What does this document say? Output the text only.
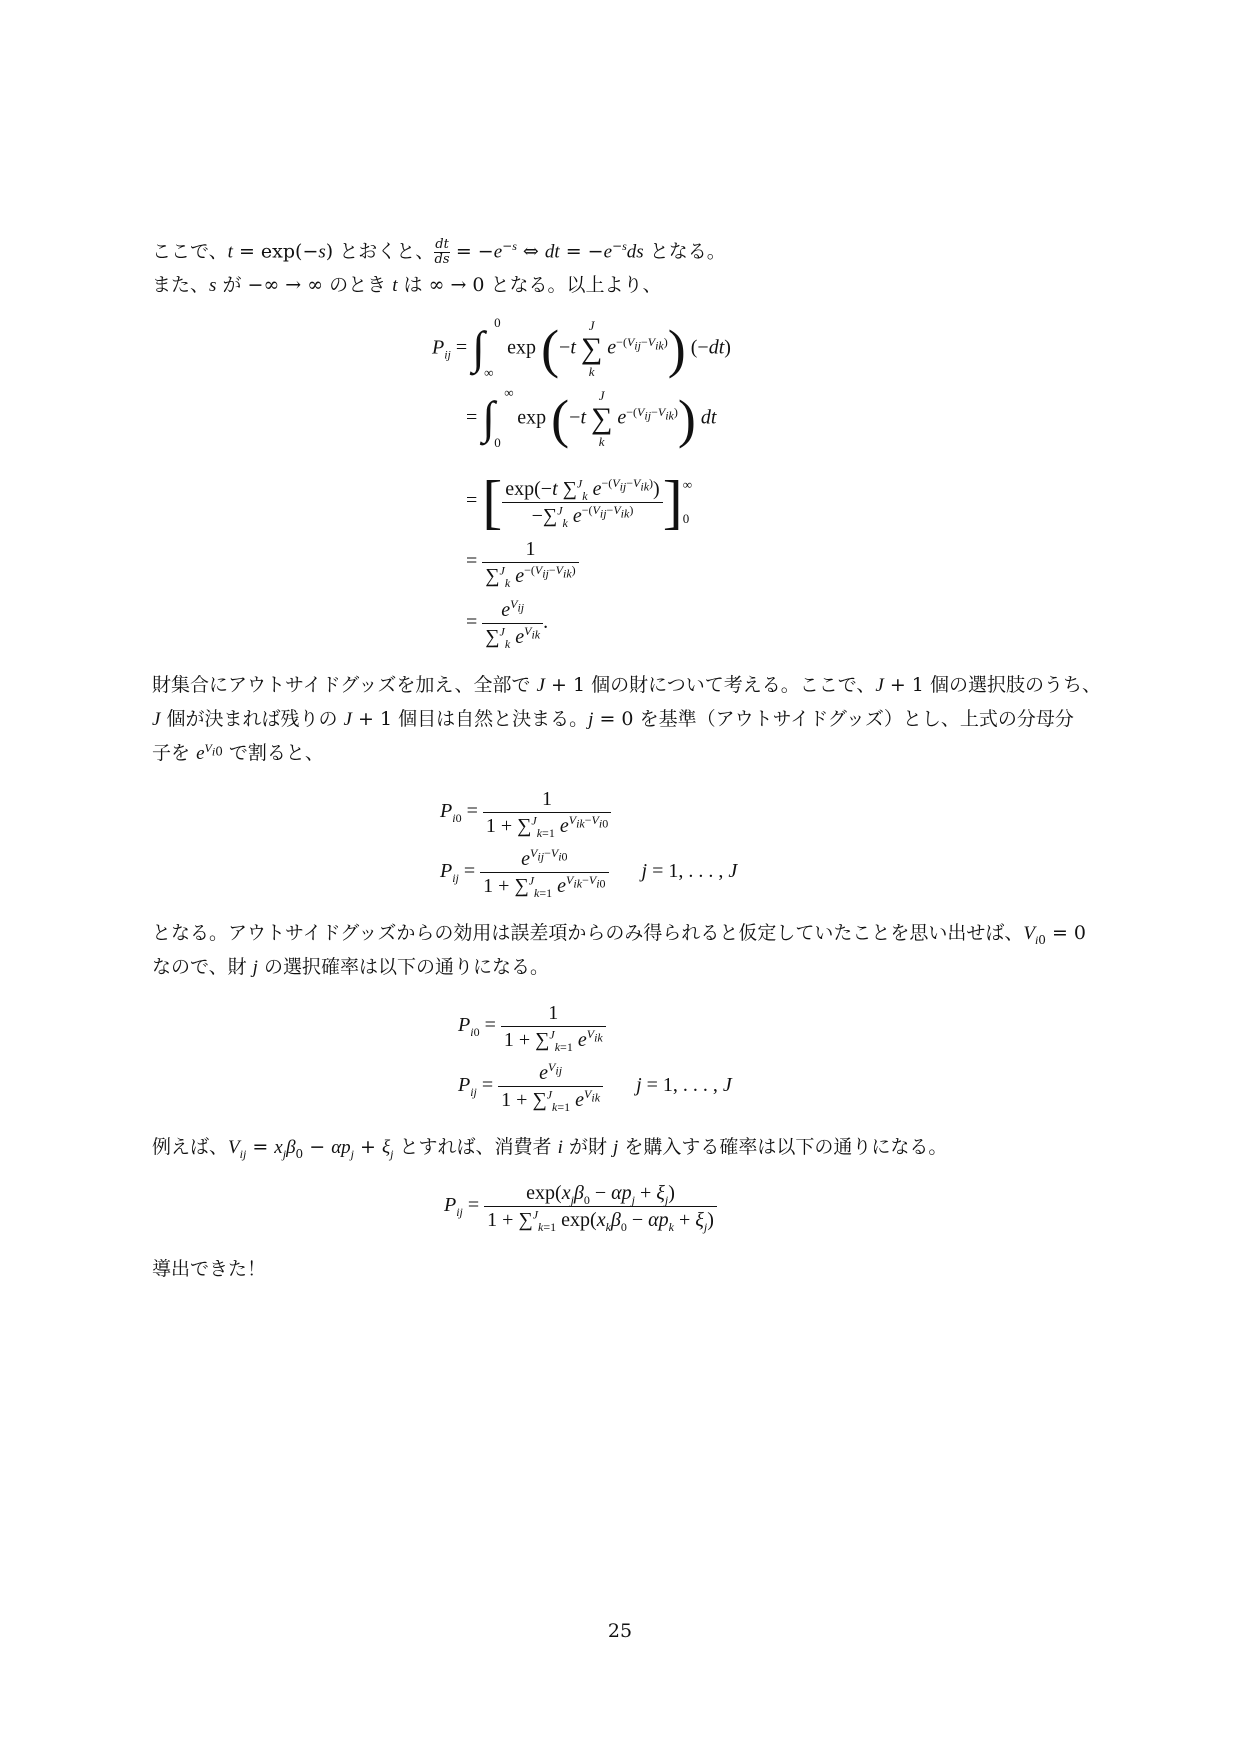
ここで、t = exp(−s) とおくと、 $\frac{dt}{ds} = -e^{-s}$ ⇔ dt = $-e^{-s}ds$ となる。
また、s が −∞ → ∞ のとき t は ∞ → 0 となる。以上より、
$P_{ij}$ = ∫ 0
∞
exp (−t
J
∑
k
$e^{-(V_{ij}-V_{ik})}$) (−dt)
= ∫ ∞
0
exp (−t
J
∑
k
$e^{-(V_{ij}-V_{ik})}$) dt
= [ $\frac{\exp(-t \sum^J_k e^{-(V_{ij}-V_{ik})})}{-\sum^J_k e^{-(V_{ij}-V_{ik})}}$ ] ∞
0
= $\frac{1}{\sum^J_k e^{-(V_{ij}-V_{ik})}}$
= $\frac{e^{V_{ij}}}{\sum^J_k e^{V_{ik}}}$ .
財集合にアウトサイドグッズを加え、全部で J + 1 個の財について考える。ここで、J + 1 個の選択肢のうち、
J 個が決まれば残りの J + 1 個目は自然と決まる。j = 0 を基準（アウトサイドグッズ）とし、上式の分母分
子を $e^{V_{i0}}$ で割ると、
$P_{i0} = \frac{1}{1 + \sum^J_{k=1} e^{V_{ik}-V_{i0}}}$
$P_{ij} = \frac{e^{V_{ij}-V_{i0}}}{1 + \sum^J_{k=1} e^{V_{ik}-V_{i0}}}$ j = 1, . . . , J
となる。アウトサイドグッズからの効用は誤差項からのみ得られると仮定していたことを思い出せば、$V_{i0} = 0$
なので、財 j の選択確率は以下の通りになる。
$P_{i0} = \frac{1}{1 + \sum^J_{k=1} e^{V_{ik}}}$
$P_{ij} = \frac{e^{V_{ij}}}{1 + \sum^J_{k=1} e^{V_{ik}}}$ j = 1, . . . , J
例えば、$V_{ij} = x_j\beta_0 - \alpha p_j + \xi_j$ とすれば、消費者 i が財 j を購入する確率は以下の通りになる。
$P_{ij} = \frac{\exp(x_j\beta_0 - \alpha p_j + \xi_j)}{1 + \sum^J_{k=1} \exp(x_k\beta_0 - \alpha p_k + \xi_j)}$
導出できた！
25
